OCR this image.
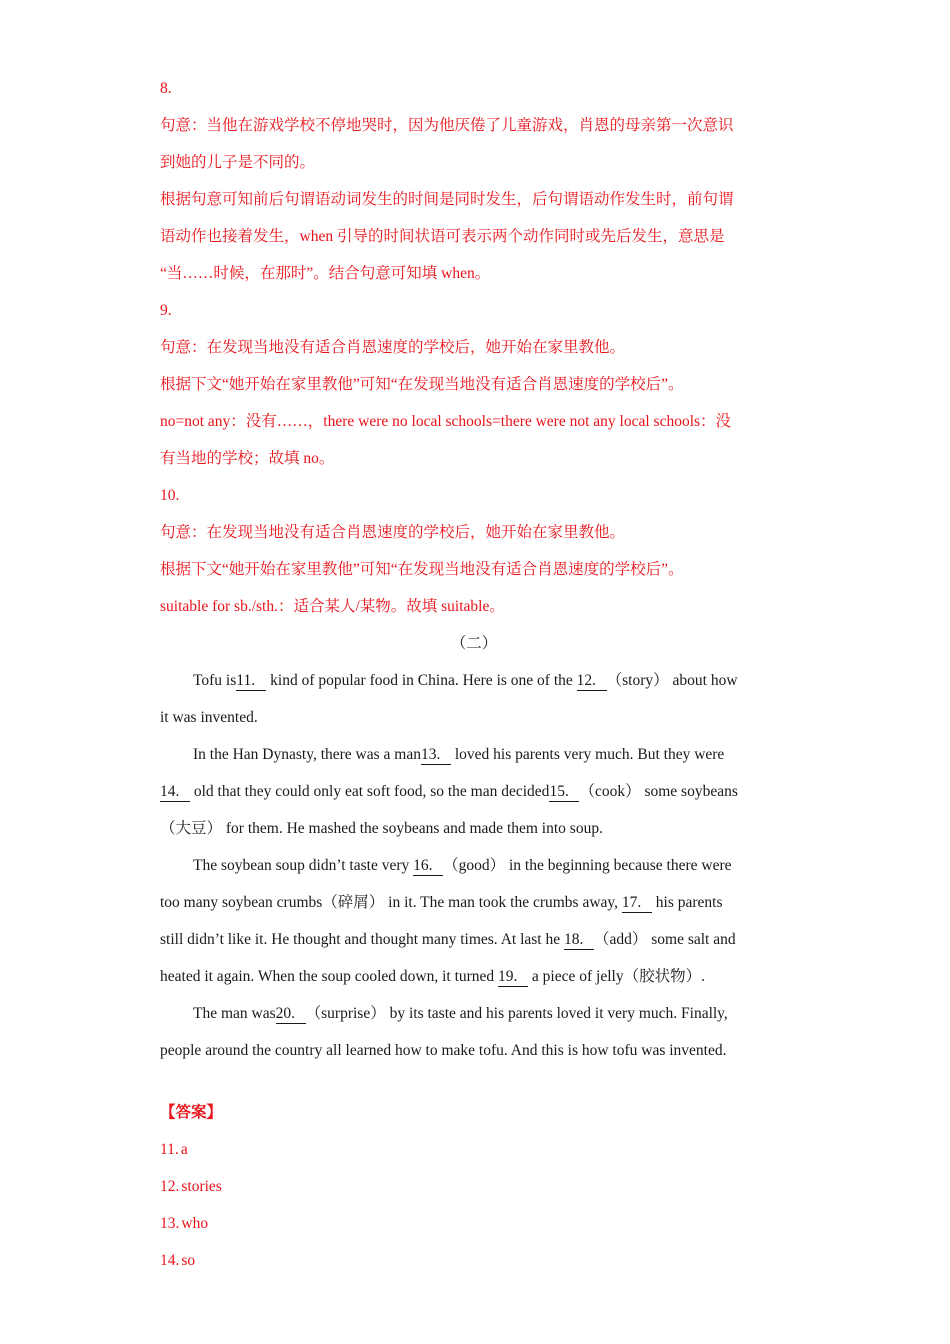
8.
句意：当他在游戏学校不停地哭时，因为他厌倦了儿童游戏，肖恩的母亲第一次意识
到她的儿子是不同的。
根据句意可知前后句谓语动词发生的时间是同时发生，后句谓语动作发生时，前句谓
语动作也接着发生，when 引导的时间状语可表示两个动作同时或先后发生，意思是
“当……时候，在那时”。结合句意可知填 when。
9.
句意：在发现当地没有适合肖恩速度的学校后，她开始在家里教他。
根据下文“她开始在家里教他”可知“在发现当地没有适合肖恩速度的学校后”。
no=not any：没有……，there were no local schools=there were not any local schools：没
有当地的学校；故填 no。
10.
句意：在发现当地没有适合肖恩速度的学校后，她开始在家里教他。
根据下文“她开始在家里教他”可知“在发现当地没有适合肖恩速度的学校后”。
suitable for sb./sth.：适合某人/某物。故填 suitable。
（二）
Tofu is11. kind of popular food in China. Here is one of the 12. （story） about how
it was invented.
In the Han Dynasty, there was a man13. loved his parents very much. But they were
14. old that they could only eat soft food, so the man decided15. （cook） some soybeans
（大豆） for them. He mashed the soybeans and made them into soup.
The soybean soup didn’t taste very 16. （good） in the beginning because there were
too many soybean crumbs（碎屑） in it. The man took the crumbs away, 17. his parents
still didn’t like it. He thought and thought many times. At last he 18. （add） some salt and
heated it again. When the soup cooled down, it turned 19. a piece of jelly（胶状物）.
The man was20. （surprise） by its taste and his parents loved it very much. Finally,
people around the country all learned how to make tofu. And this is how tofu was invented.
【答案】
11. a
12. stories
13. who
14. so
